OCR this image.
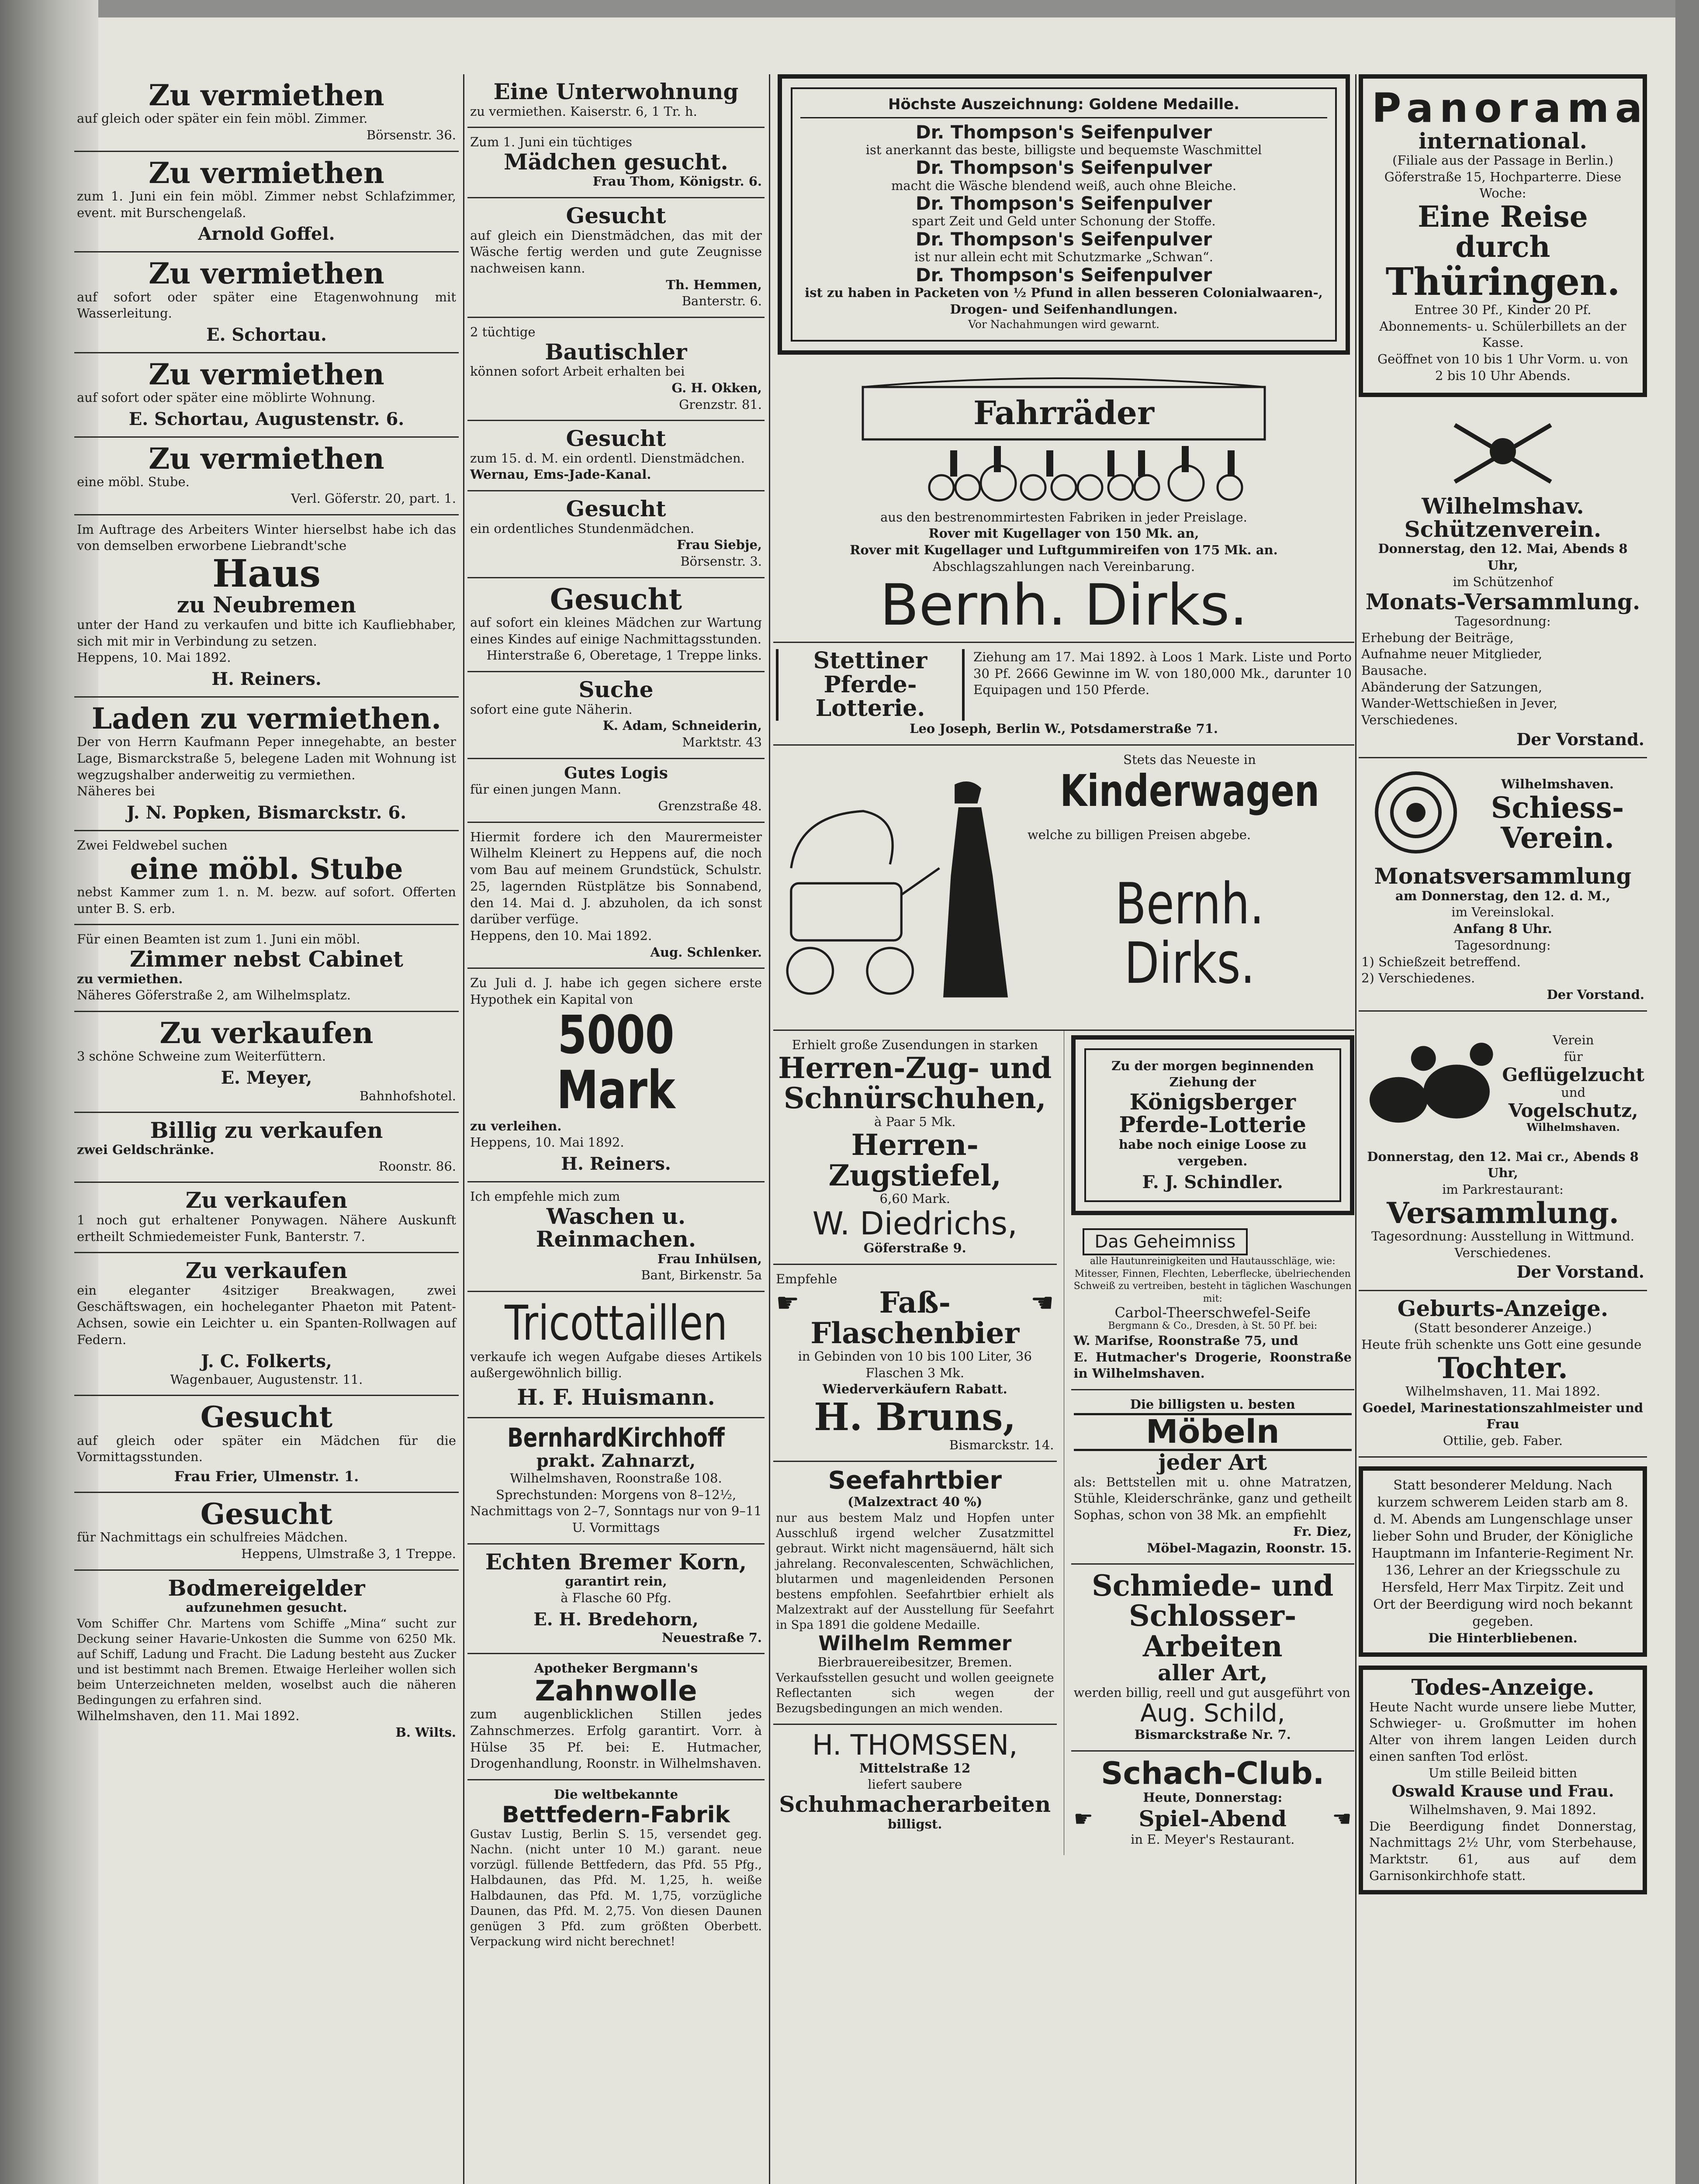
Zu vermiethen
auf gleich oder später ein fein möbl. Zimmer.
Börsenstr. 36.
Zu vermiethen
zum 1. Juni ein fein möbl. Zimmer nebst Schlafzimmer, event. mit Burschengelaß.
Arnold Goffel.
Zu vermiethen
auf sofort oder später eine Etagenwohnung mit Wasserleitung.
E. Schortau.
Zu vermiethen
auf sofort oder später eine möblirte Wohnung.
E. Schortau, Augustenstr. 6.
Zu vermiethen
eine möbl. Stube.
Verl. Göferstr. 20, part. 1.
Im Auftrage des Arbeiters Winter hierselbst habe ich das von demselben erworbene Liebrandt'sche
Haus
zu Neubremen
unter der Hand zu verkaufen und bitte ich Kaufliebhaber, sich mit mir in Verbindung zu setzen.
Heppens, 10. Mai 1892.
H. Reiners.
Laden zu vermiethen.
Der von Herrn Kaufmann Peper innegehabte, an bester Lage, Bismarckstraße 5, belegene Laden mit Wohnung ist wegzugshalber anderweitig zu vermiethen.
Näheres bei
J. N. Popken, Bismarckstr. 6.
Zwei Feldwebel suchen
eine möbl. Stube
nebst Kammer zum 1. n. M. bezw. auf sofort. Offerten unter B. S. erb.
Für einen Beamten ist zum 1. Juni ein möbl.
Zimmer nebst Cabinet
zu vermiethen.
Näheres Göferstraße 2, am Wilhelmsplatz.
Zu verkaufen
3 schöne Schweine zum Weiterfüttern.
E. Meyer,
Bahnhofshotel.
Billig zu verkaufen
zwei Geldschränke.
Roonstr. 86.
Zu verkaufen
1 noch gut erhaltener Ponywagen. Nähere Auskunft ertheilt Schmiedemeister Funk, Banterstr. 7.
Zu verkaufen
ein eleganter 4sitziger Breakwagen, zwei Geschäftswagen, ein hocheleganter Phaeton mit Patent-Achsen, sowie ein Leichter u. ein Spanten-Rollwagen auf Federn.
J. C. Folkerts,
Wagenbauer, Augustenstr. 11.
Gesucht
auf gleich oder später ein Mädchen für die Vormittagsstunden.
Frau Frier, Ulmenstr. 1.
Gesucht
für Nachmittags ein schulfreies Mädchen.
Heppens, Ulmstraße 3, 1 Treppe.
Bodmereigelder
aufzunehmen gesucht.
Vom Schiffer Chr. Martens vom Schiffe „Mina“ sucht zur Deckung seiner Havarie-Unkosten die Summe von 6250 Mk. auf Schiff, Ladung und Fracht. Die Ladung besteht aus Zucker und ist bestimmt nach Bremen. Etwaige Herleiher wollen sich beim Unterzeichneten melden, woselbst auch die näheren Bedingungen zu erfahren sind.
Wilhelmshaven, den 11. Mai 1892.
B. Wilts.
Eine Unterwohnung
zu vermiethen. Kaiserstr. 6, 1 Tr. h.
Zum 1. Juni ein tüchtiges
Mädchen gesucht.
Frau Thom, Königstr. 6.
Gesucht
auf gleich ein Dienstmädchen, das mit der Wäsche fertig werden und gute Zeugnisse nachweisen kann.
Th. Hemmen,
Banterstr. 6.
2 tüchtige
Bautischler
können sofort Arbeit erhalten bei
G. H. Okken,
Grenzstr. 81.
Gesucht
zum 15. d. M. ein ordentl. Dienstmädchen.
Wernau, Ems-Jade-Kanal.
Gesucht
ein ordentliches Stundenmädchen.
Frau Siebje,
Börsenstr. 3.
Gesucht
auf sofort ein kleines Mädchen zur Wartung eines Kindes auf einige Nachmittagsstunden.
Hinterstraße 6, Oberetage, 1 Treppe links.
Suche
sofort eine gute Näherin.
K. Adam, Schneiderin,
Marktstr. 43
Gutes Logis
für einen jungen Mann.
Grenzstraße 48.
Hiermit fordere ich den Maurermeister Wilhelm Kleinert zu Heppens auf, die noch vom Bau auf meinem Grundstück, Schulstr. 25, lagernden Rüstplätze bis Sonnabend, den 14. Mai d. J. abzuholen, da ich sonst darüber verfüge.
Heppens, den 10. Mai 1892.
Aug. Schlenker.
Zu Juli d. J. habe ich gegen sichere erste Hypothek ein Kapital von
5000 Mark
zu verleihen.
Heppens, 10. Mai 1892.
H. Reiners.
Ich empfehle mich zum
Waschen u. Reinmachen.
Frau Inhülsen,
Bant, Birkenstr. 5a
Tricottaillen
verkaufe ich wegen Aufgabe dieses Artikels außergewöhnlich billig.
H. F. Huismann.
BernhardKirchhoff
prakt. Zahnarzt,
Wilhelmshaven, Roonstraße 108.
Sprechstunden: Morgens von 8–12½, Nachmittags von 2–7, Sonntags nur von 9–11 U. Vormittags
Echten Bremer Korn,
garantirt rein,
à Flasche 60 Pfg.
E. H. Bredehorn,
Neuestraße 7.
Apotheker Bergmann's
Zahnwolle
zum augenblicklichen Stillen jedes Zahnschmerzes. Erfolg garantirt. Vorr. à Hülse 35 Pf. bei: E. Hutmacher, Drogenhandlung, Roonstr. in Wilhelmshaven.
Die weltbekannte
Bettfedern-Fabrik
Gustav Lustig, Berlin S. 15, versendet geg. Nachn. (nicht unter 10 M.) garant. neue vorzügl. füllende Bettfedern, das Pfd. 55 Pfg., Halbdaunen, das Pfd. M. 1,25, h. weiße Halbdaunen, das Pfd. M. 1,75, vorzügliche Daunen, das Pfd. M. 2,75. Von diesen Daunen genügen 3 Pfd. zum größten Oberbett. Verpackung wird nicht berechnet!
Höchste Auszeichnung: Goldene Medaille.
Dr. Thompson's Seifenpulver
ist anerkannt das beste, billigste und bequemste Waschmittel
Dr. Thompson's Seifenpulver
macht die Wäsche blendend weiß, auch ohne Bleiche.
Dr. Thompson's Seifenpulver
spart Zeit und Geld unter Schonung der Stoffe.
Dr. Thompson's Seifenpulver
ist nur allein echt mit Schutzmarke „Schwan“.
Dr. Thompson's Seifenpulver
ist zu haben in Packeten von ½ Pfund in allen besseren Colonialwaaren-, Drogen- und Seifenhandlungen.
Vor Nachahmungen wird gewarnt.
Fahrräder
aus den bestrenommirtesten Fabriken in jeder Preislage.
Rover mit Kugellager von 150 Mk. an,
Rover mit Kugellager und Luftgummireifen von 175 Mk. an.
Abschlagszahlungen nach Vereinbarung.
Bernh. Dirks.
Stettiner Pferde-Lotterie.
Ziehung am 17. Mai 1892. à Loos 1 Mark. Liste und Porto 30 Pf. 2666 Gewinne im W. von 180,000 Mk., darunter 10 Equipagen und 150 Pferde.
Leo Joseph, Berlin W., Potsdamerstraße 71.
Stets das Neueste in
Kinderwagen
welche zu billigen Preisen abgebe.
Bernh. Dirks.
Erhielt große Zusendungen in starken
Herren-Zug- und
Schnürschuhen,
à Paar 5 Mk.
Herren-Zugstiefel,
6,60 Mark.
W. Diedrichs,
Göferstraße 9.
Empfehle
☛	Faß-	☚
Flaschenbier
in Gebinden von 10 bis 100 Liter, 36 Flaschen 3 Mk.
Wiederverkäufern Rabatt.
H. Bruns,
Bismarckstr. 14.
Seefahrtbier
(Malzextract 40 %)
nur aus bestem Malz und Hopfen unter Ausschluß irgend welcher Zusatzmittel gebraut. Wirkt nicht magensäuernd, hält sich jahrelang. Reconvalescenten, Schwächlichen, blutarmen und magenleidenden Personen bestens empfohlen. Seefahrtbier erhielt als Malzextrakt auf der Ausstellung für Seefahrt in Spa 1891 die goldene Medaille.
Wilhelm Remmer
Bierbrauereibesitzer, Bremen.
Verkaufsstellen gesucht und wollen geeignete Reflectanten sich wegen der Bezugsbedingungen an mich wenden.
H. THOMSSEN,
Mittelstraße 12
liefert saubere
Schuhmacherarbeiten
billigst.
Zu der morgen beginnenden Ziehung der
Königsberger Pferde-Lotterie
habe noch einige Loose zu vergeben.
F. J. Schindler.
Das Geheimniss
alle Hautunreinigkeiten und Hautausschläge, wie: Mitesser, Finnen, Flechten, Leberflecke, übelriechenden Schweiß zu vertreiben, besteht in täglichen Waschungen mit:
Carbol-Theerschwefel-Seife
Bergmann & Co., Dresden, à St. 50 Pf. bei:
W. Marifse, Roonstraße 75, und
E. Hutmacher's Drogerie, Roonstraße in Wilhelmshaven.
Die billigsten u. besten
Möbeln
jeder Art
als: Bettstellen mit u. ohne Matratzen, Stühle, Kleiderschränke, ganz und getheilt Sophas, schon von 38 Mk. an empfiehlt
Fr. Diez,
Möbel-Magazin, Roonstr. 15.
Schmiede- und
Schlosser-Arbeiten
aller Art,
werden billig, reell und gut ausgeführt von
Aug. Schild,
Bismarckstraße Nr. 7.
Schach-Club.
Heute, Donnerstag:
☛ Spiel-Abend ☚
in E. Meyer's Restaurant.
Panorama
international.
(Filiale aus der Passage in Berlin.) Göferstraße 15, Hochparterre. Diese Woche:
Eine Reise durch
Thüringen.
Entree 30 Pf., Kinder 20 Pf. Abonnements- u. Schülerbillets an der Kasse.
Geöffnet von 10 bis 1 Uhr Vorm. u. von 2 bis 10 Uhr Abends.
Wilhelmshav. Schützenverein.
Donnerstag, den 12. Mai, Abends 8 Uhr,
im Schützenhof
Monats-Versammlung.
Tagesordnung:
Erhebung der Beiträge,
Aufnahme neuer Mitglieder,
Bausache.
Abänderung der Satzungen,
Wander-Wettschießen in Jever,
Verschiedenes.
Der Vorstand.
Wilhelmshaven.
Schiess-
Verein.
Monatsversammlung
am Donnerstag, den 12. d. M.,
im Vereinslokal.
Anfang 8 Uhr.
Tagesordnung:
1) Schießzeit betreffend.
2) Verschiedenes.
Der Vorstand.
Verein
für
Geflügelzucht
und
Vogelschutz,
Wilhelmshaven.
Donnerstag, den 12. Mai cr., Abends 8 Uhr,
im Parkrestaurant:
Versammlung.
Tagesordnung: Ausstellung in Wittmund. Verschiedenes.
Der Vorstand.
Geburts-Anzeige.
(Statt besonderer Anzeige.)
Heute früh schenkte uns Gott eine gesunde
Tochter.
Wilhelmshaven, 11. Mai 1892.
Goedel, Marinestationszahlmeister und Frau
Ottilie, geb. Faber.
Statt besonderer Meldung. Nach kurzem schwerem Leiden starb am 8. d. M. Abends am Lungenschlage unser lieber Sohn und Bruder, der Königliche Hauptmann im Infanterie-Regiment Nr. 136, Lehrer an der Kriegsschule zu Hersfeld, Herr Max Tirpitz. Zeit und Ort der Beerdigung wird noch bekannt gegeben.
Die Hinterbliebenen.
Todes-Anzeige.
Heute Nacht wurde unsere liebe Mutter, Schwieger- u. Großmutter im hohen Alter von ihrem langen Leiden durch einen sanften Tod erlöst.
Um stille Beileid bitten
Oswald Krause und Frau.
Wilhelmshaven, 9. Mai 1892.
Die Beerdigung findet Donnerstag, Nachmittags 2½ Uhr, vom Sterbehause, Marktstr. 61, aus auf dem Garnisonkirchhofe statt.
